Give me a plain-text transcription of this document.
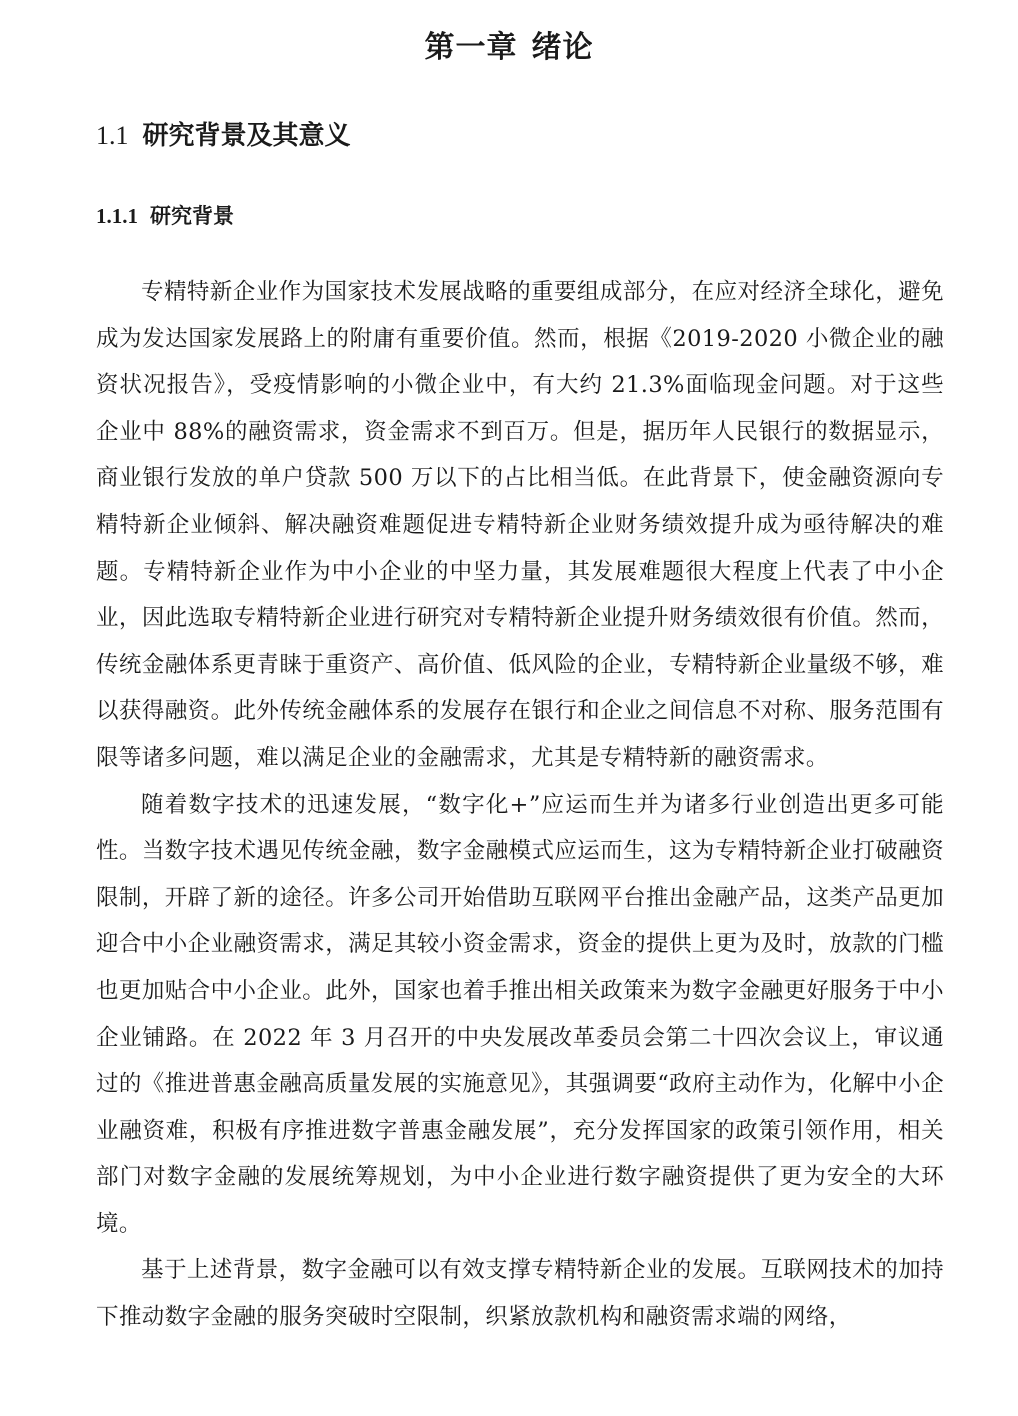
第一章 绪论
1.1 研究背景及其意义
1.1.1 研究背景

专精特新企业作为国家技术发展战略的重要组成部分，在应对经济全球化，避免成为发达国家发展路上的附庸有重要价值。然而，根据《2019-2020 小微企业的融资状况报告》，受疫情影响的小微企业中，有大约 21.3%面临现金问题。对于这些企业中 88%的融资需求，资金需求不到百万。但是，据历年人民银行的数据显示，商业银行发放的单户贷款 500 万以下的占比相当低。在此背景下，使金融资源向专精特新企业倾斜、解决融资难题促进专精特新企业财务绩效提升成为亟待解决的难题。专精特新企业作为中小企业的中坚力量，其发展难题很大程度上代表了中小企业，因此选取专精特新企业进行研究对专精特新企业提升财务绩效很有价值。然而，传统金融体系更青睐于重资产、高价值、低风险的企业，专精特新企业量级不够，难以获得融资。此外传统金融体系的发展存在银行和企业之间信息不对称、服务范围有限等诸多问题，难以满足企业的金融需求，尤其是专精特新的融资需求。

随着数字技术的迅速发展，“数字化+”应运而生并为诸多行业创造出更多可能性。当数字技术遇见传统金融，数字金融模式应运而生，这为专精特新企业打破融资限制，开辟了新的途径。许多公司开始借助互联网平台推出金融产品，这类产品更加迎合中小企业融资需求，满足其较小资金需求，资金的提供上更为及时，放款的门槛也更加贴合中小企业。此外，国家也着手推出相关政策来为数字金融更好服务于中小企业铺路。在 2022 年 3 月召开的中央发展改革委员会第二十四次会议上，审议通过的《推进普惠金融高质量发展的实施意见》，其强调要“政府主动作为，化解中小企业融资难，积极有序推进数字普惠金融发展”，充分发挥国家的政策引领作用，相关部门对数字金融的发展统筹规划，为中小企业进行数字融资提供了更为安全的大环境。

基于上述背景，数字金融可以有效支撑专精特新企业的发展。互联网技术的加持下推动数字金融的服务突破时空限制，织紧放款机构和融资需求端的网络，
